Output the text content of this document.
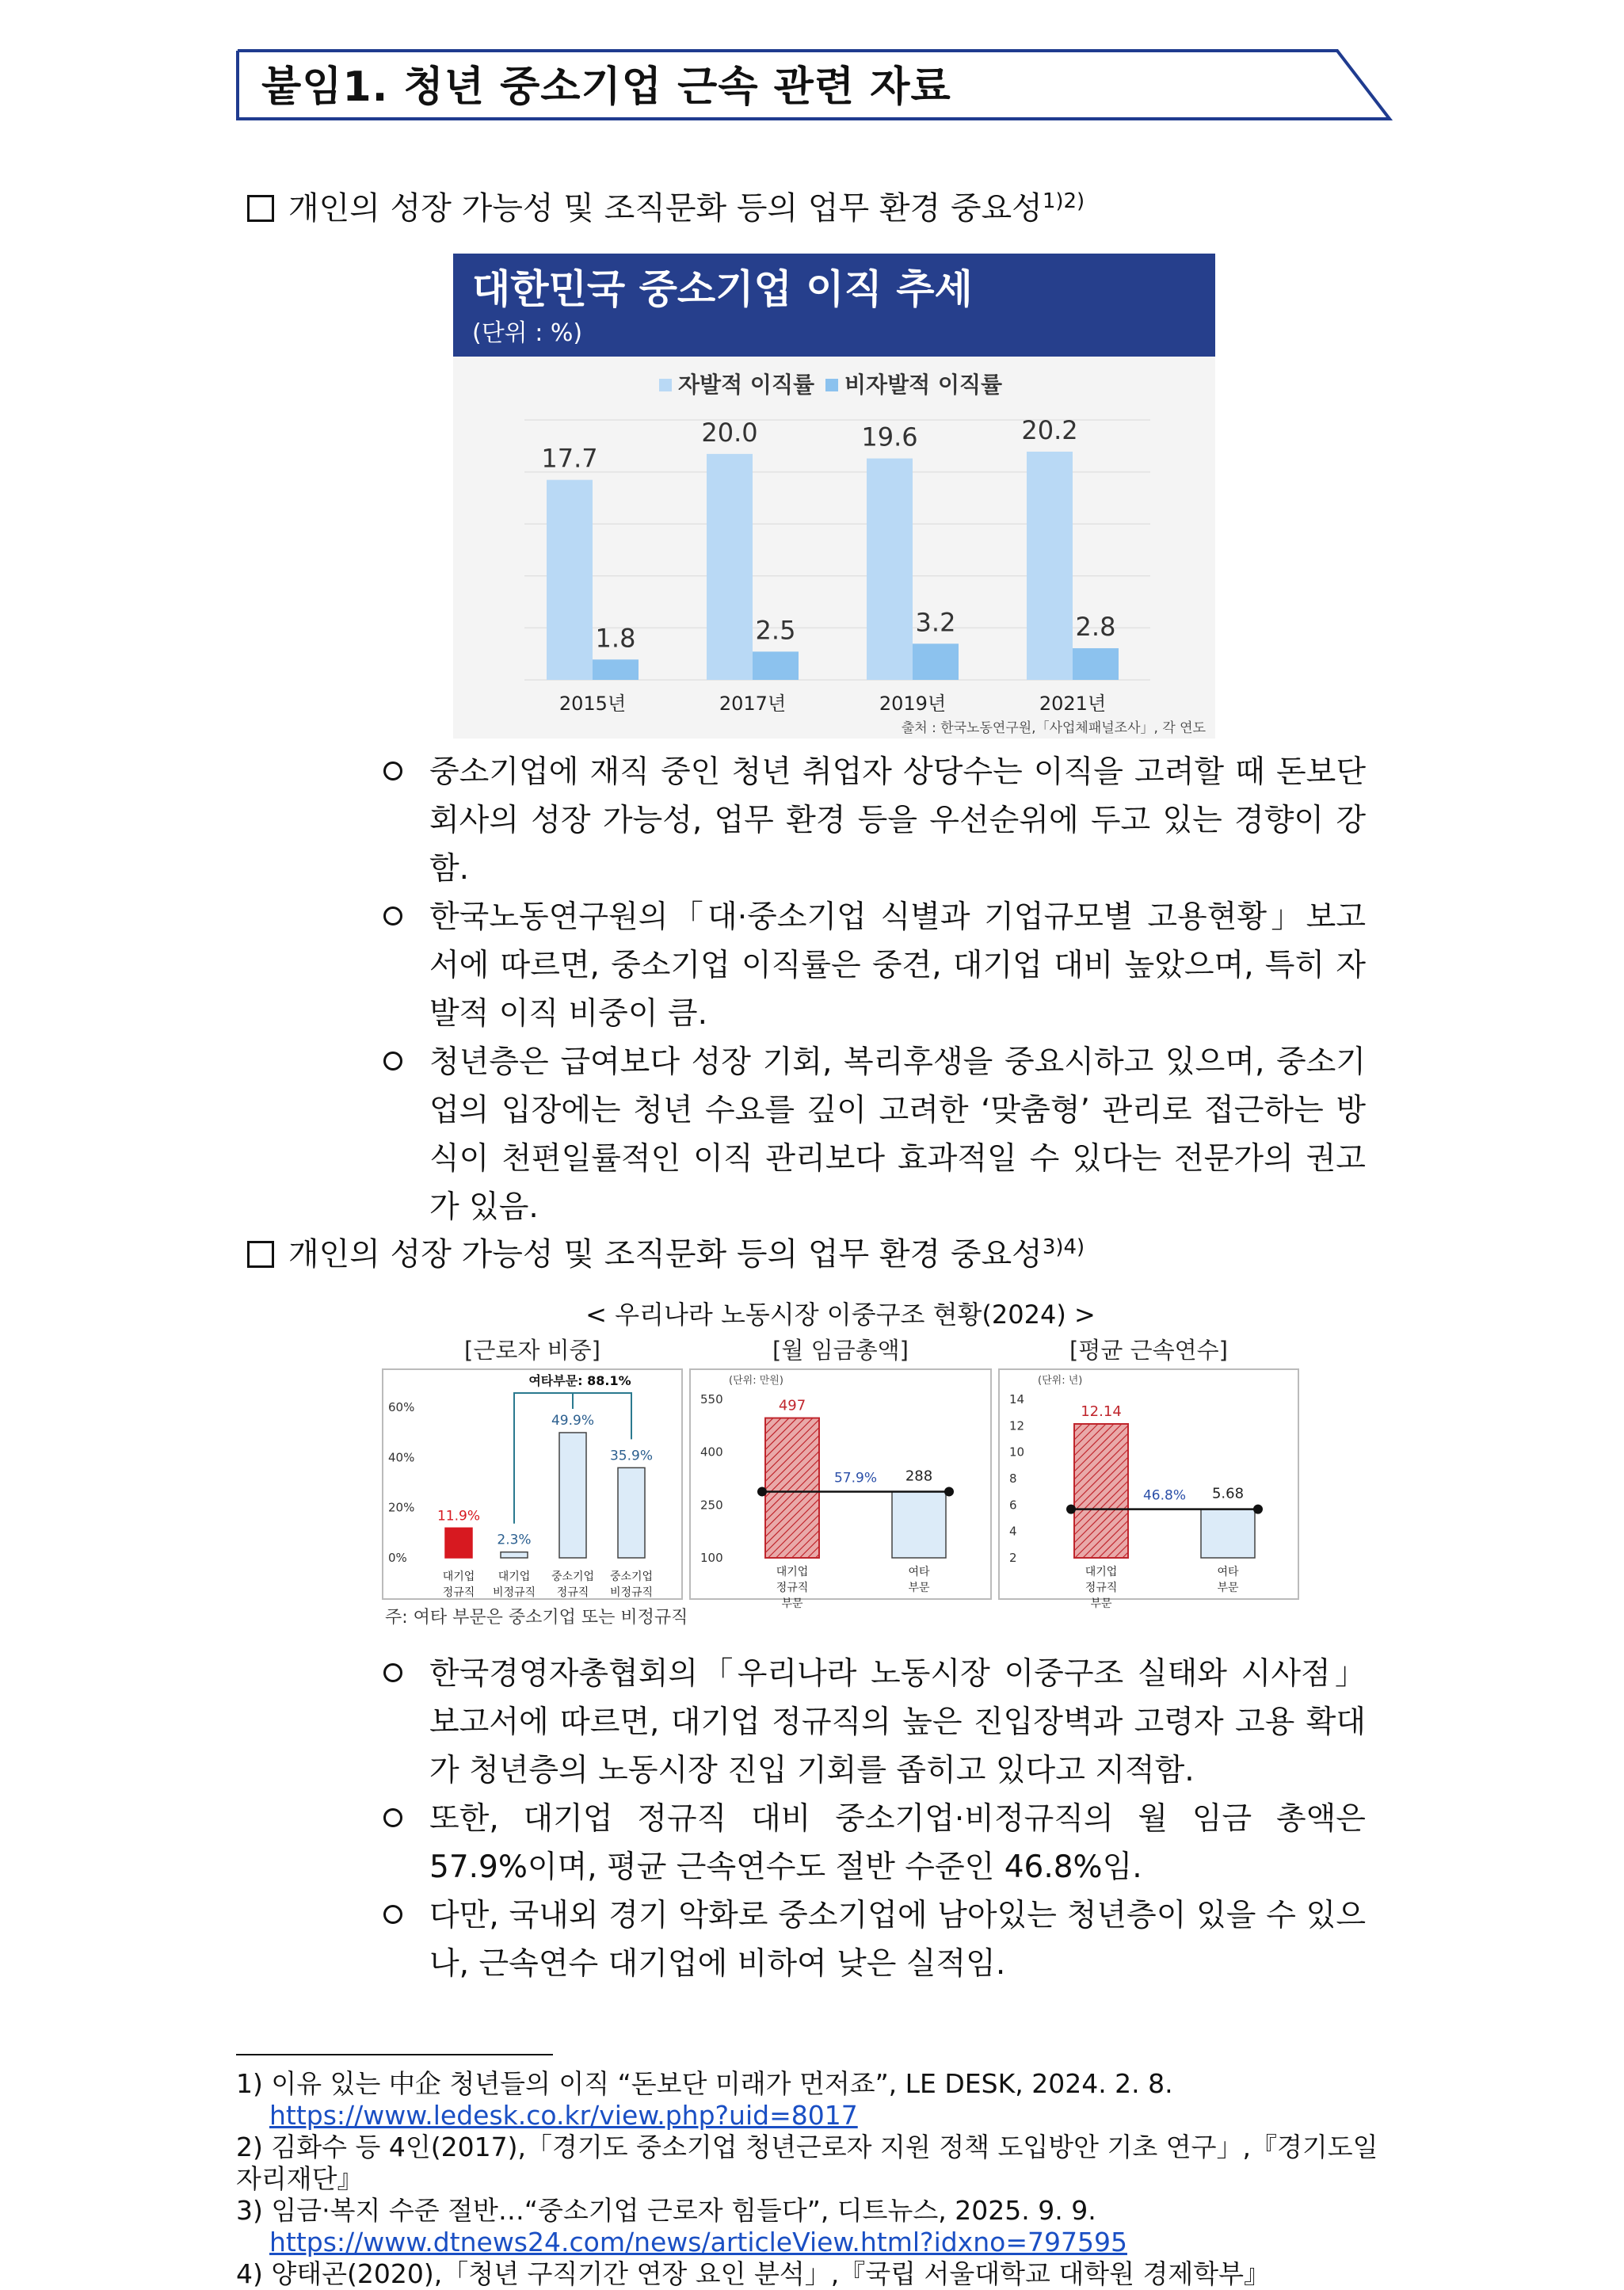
붙임1. 청년 중소기업 근속 관련 자료
개인의 성장 가능성 및 조직문화 등의 업무 환경 중요성$^{1)2)}$
대한민국 중소기업 이직 추세
(단위 : %)
자발적 이직률 비자발적 이직률
17.7
1.8
2015년
20.0
2.5
2017년
19.6
3.2
2019년
20.2
2.8
2021년
출처 : 한국노동연구원,「사업체패널조사」, 각 연도
중소기업에 재직 중인 청년 취업자 상당수는 이직을 고려할 때 돈보단 회사의 성장 가능성, 업무 환경 등을 우선순위에 두고 있는 경향이 강함.
한국노동연구원의「대·중소기업 식별과 기업규모별 고용현황」보고서에 따르면, 중소기업 이직률은 중견, 대기업 대비 높았으며, 특히 자발적 이직 비중이 큼.
청년층은 급여보다 성장 기회, 복리후생을 중요시하고 있으며, 중소기업의 입장에는 청년 수요를 깊이 고려한 ‘맞춤형’ 관리로 접근하는 방식이 천편일률적인 이직 관리보다 효과적일 수 있다는 전문가의 권고가 있음.
개인의 성장 가능성 및 조직문화 등의 업무 환경 중요성$^{3)4)}$
< 우리나라 노동시장 이중구조 현황(2024) >
[근로자 비중]	[월 임금총액]
(단위: 만원)
[평균 근속연수]
(단위: 년)
0%
20%
40%
60%
11.9%
대기업
정규직
2.3%
대기업
비정규직
49.9%
중소기업
정규직
35.9%
중소기업
비정규직
여타부문: 88.1%
100
250
400
550	497
288
57.9%
대기업
정규직
부문
여타
부문
2
4
6
8
10
12
14
12.14
5.68
46.8%
대기업
정규직
부문
여타
부문
주: 여타 부문은 중소기업 또는 비정규직
한국경영자총협회의「우리나라 노동시장 이중구조 실태와 시사점」보고서에 따르면, 대기업 정규직의 높은 진입장벽과 고령자 고용 확대가 청년층의 노동시장 진입 기회를 좁히고 있다고 지적함.
또한, 대기업 정규직 대비 중소기업·비정규직의 월 임금 총액은 57.9%이며, 평균 근속연수도 절반 수준인 46.8%임.
다만, 국내외 경기 악화로 중소기업에 남아있는 청년층이 있을 수 있으나, 근속연수 대기업에 비하여 낮은 실적임.
1) 이유 있는 中企 청년들의 이직 “돈보단 미래가 먼저죠”, LE DESK, 2024. 2. 8.
https://www.ledesk.co.kr/view.php?uid=8017
2) 김화수 등 4인(2017),「경기도 중소기업 청년근로자 지원 정책 도입방안 기초 연구」,『경기도일자리재단』
3) 임금·복지 수준 절반…“중소기업 근로자 힘들다”, 디트뉴스, 2025. 9. 9.
https://www.dtnews24.com/news/articleView.html?idxno=797595
4) 양태곤(2020),「청년 구직기간 연장 요인 분석」,『국립 서울대학교 대학원 경제학부』
